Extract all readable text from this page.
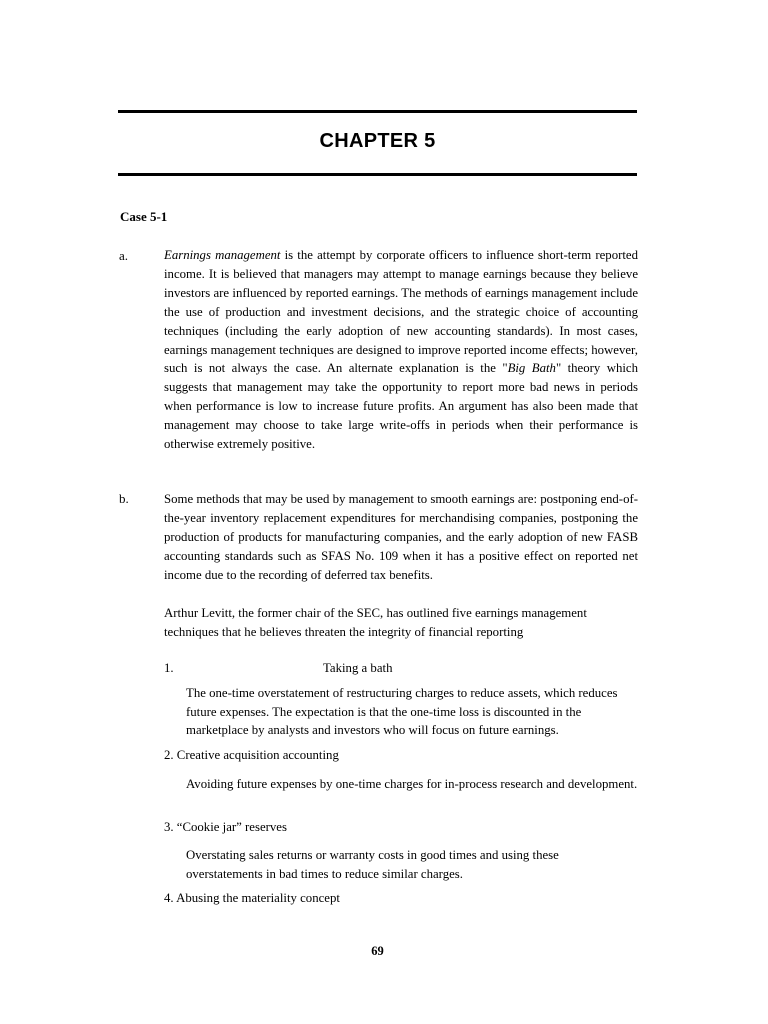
CHAPTER 5
Case 5-1
a.	Earnings management is the attempt by corporate officers to influence short-term reported income. It is believed that managers may attempt to manage earnings because they believe investors are influenced by reported earnings. The methods of earnings management include the use of production and investment decisions, and the strategic choice of accounting techniques (including the early adoption of new accounting standards). In most cases, earnings management techniques are designed to improve reported income effects; however, such is not always the case. An alternate explanation is the "Big Bath" theory which suggests that management may take the opportunity to report more bad news in periods when performance is low to increase future profits. An argument has also been made that management may choose to take large write-offs in periods when their performance is otherwise extremely positive.

b.	Some methods that may be used by management to smooth earnings are: postponing end-of-the-year inventory replacement expenditures for merchandising companies, postponing the production of products for manufacturing companies, and the early adoption of new FASB accounting standards such as SFAS No. 109 when it has a positive effect on reported net income due to the recording of deferred tax benefits.

Arthur Levitt, the former chair of the SEC, has outlined five earnings management techniques that he believes threaten the integrity of financial reporting

1.	Taking a bath

The one-time overstatement of restructuring charges to reduce assets, which reduces future expenses. The expectation is that the one-time loss is discounted in the marketplace by analysts and investors who will focus on future earnings.

2. Creative acquisition accounting

Avoiding future expenses by one-time charges for in-process research and development.

3. “Cookie jar” reserves

Overstating sales returns or warranty costs in good times and using these overstatements in bad times to reduce similar charges.

4. Abusing the materiality concept
69
